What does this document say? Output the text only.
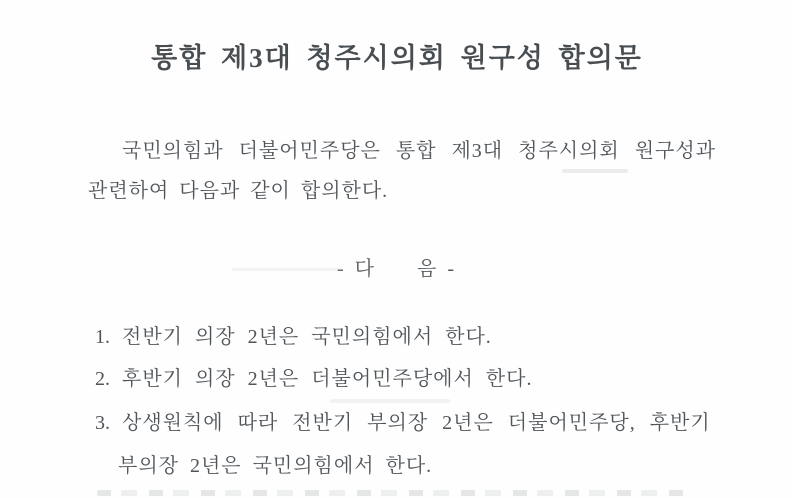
통합 제3대 청주시의회 원구성 합의문

국민의힘과 더불어민주당은 통합 제3대 청주시의회 원구성과

관련하여 다음과 같이 합의한다.

- 다     음 -

1. 전반기 의장 2년은 국민의힘에서 한다.

2. 후반기 의장 2년은 더불어민주당에서 한다.

3. 상생원칙에 따라 전반기 부의장 2년은 더불어민주당, 후반기

부의장 2년은 국민의힘에서 한다.
